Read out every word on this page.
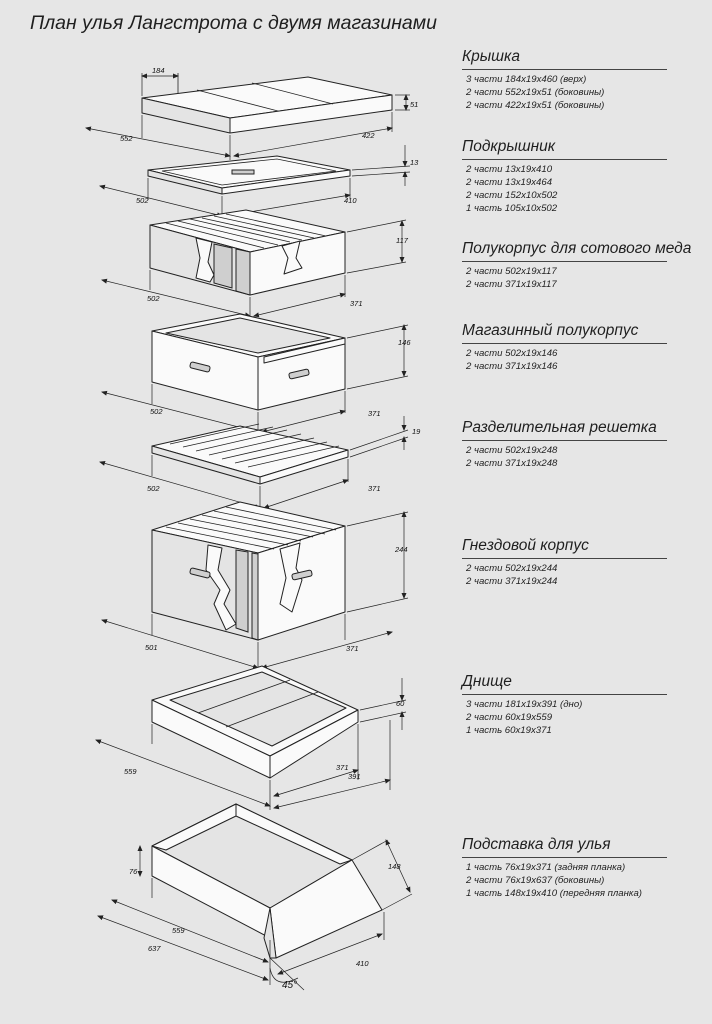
План улья Лангстрота с двумя магазинами
184
552	422
51
502	410
13
502
371
117
502	371
146
502	371
19
501	371
244
559	371
391
60
76
148
559
637
410
45°
Крышка
3 части 184x19x460 (верх)
2 части 552x19x51 (боковины)
2 части 422x19x51 (боковины)
Подкрышник
2 части 13x19x410
2 части 13x19x464
2 части 152x10x502
1 часть 105x10x502
Полукорпус для сотового меда
2 части 502x19x117
2 части 371x19x117
Магазинный полукорпус
2 части 502x19x146
2 части 371x19x146
Разделительная решетка
2 части 502x19x248
2 части 371x19x248
Гнездовой корпус
2 части 502x19x244
2 части 371x19x244
Днище
3 части 181x19x391 (дно)
2 части 60x19x559
1 часть 60x19x371
Подставка для улья
1 часть 76x19x371 (задняя планка)
2 части 76x19x637 (боковины)
1 часть 148x19x410 (передняя планка)
